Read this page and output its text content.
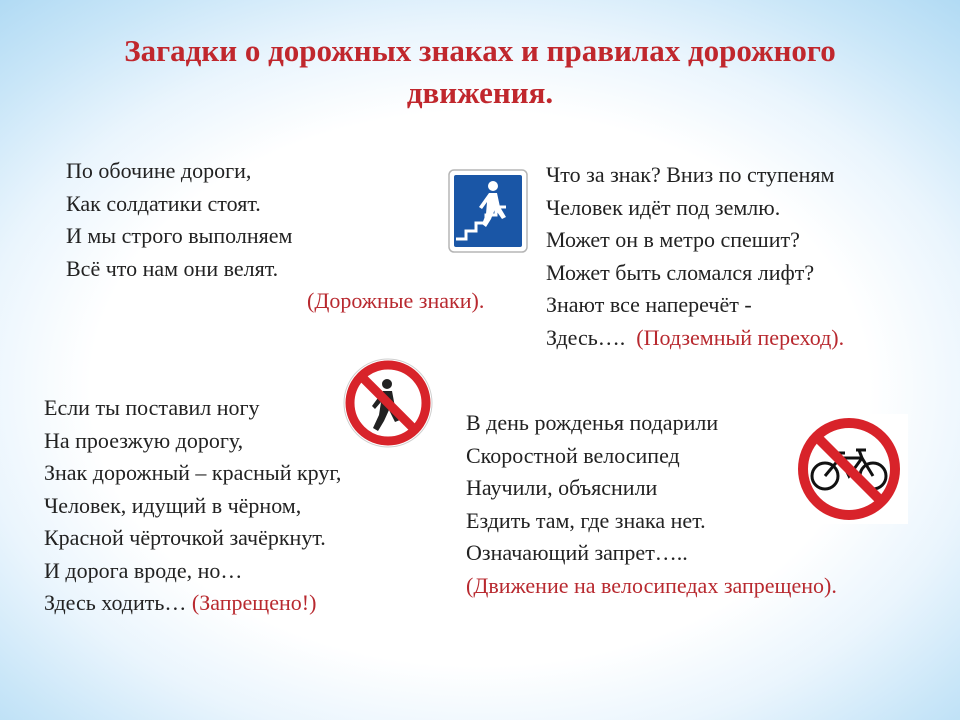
Загадки о дорожных знаках и правилах дорожного
движения.
По обочине дороги,
Как солдатики стоят.
И мы строго выполняем
Всё что нам они велят.
(Дорожные знаки).
Что за знак? Вниз по ступеням
Человек идёт под землю.
Может он в метро спешит?
Может быть сломался лифт?
Знают все наперечёт -
Здесь….  (Подземный переход).
Если ты поставил ногу
На проезжую дорогу,
Знак дорожный – красный круг,
Человек, идущий в чёрном,
Красной чёрточкой зачёркнут.
И дорога вроде, но…
Здесь ходить… (Запрещено!)
В день рожденья подарили
Скоростной велосипед
Научили, объяснили
Ездить там, где знака нет.
Означающий запрет…..
(Движение на велосипедах запрещено).
